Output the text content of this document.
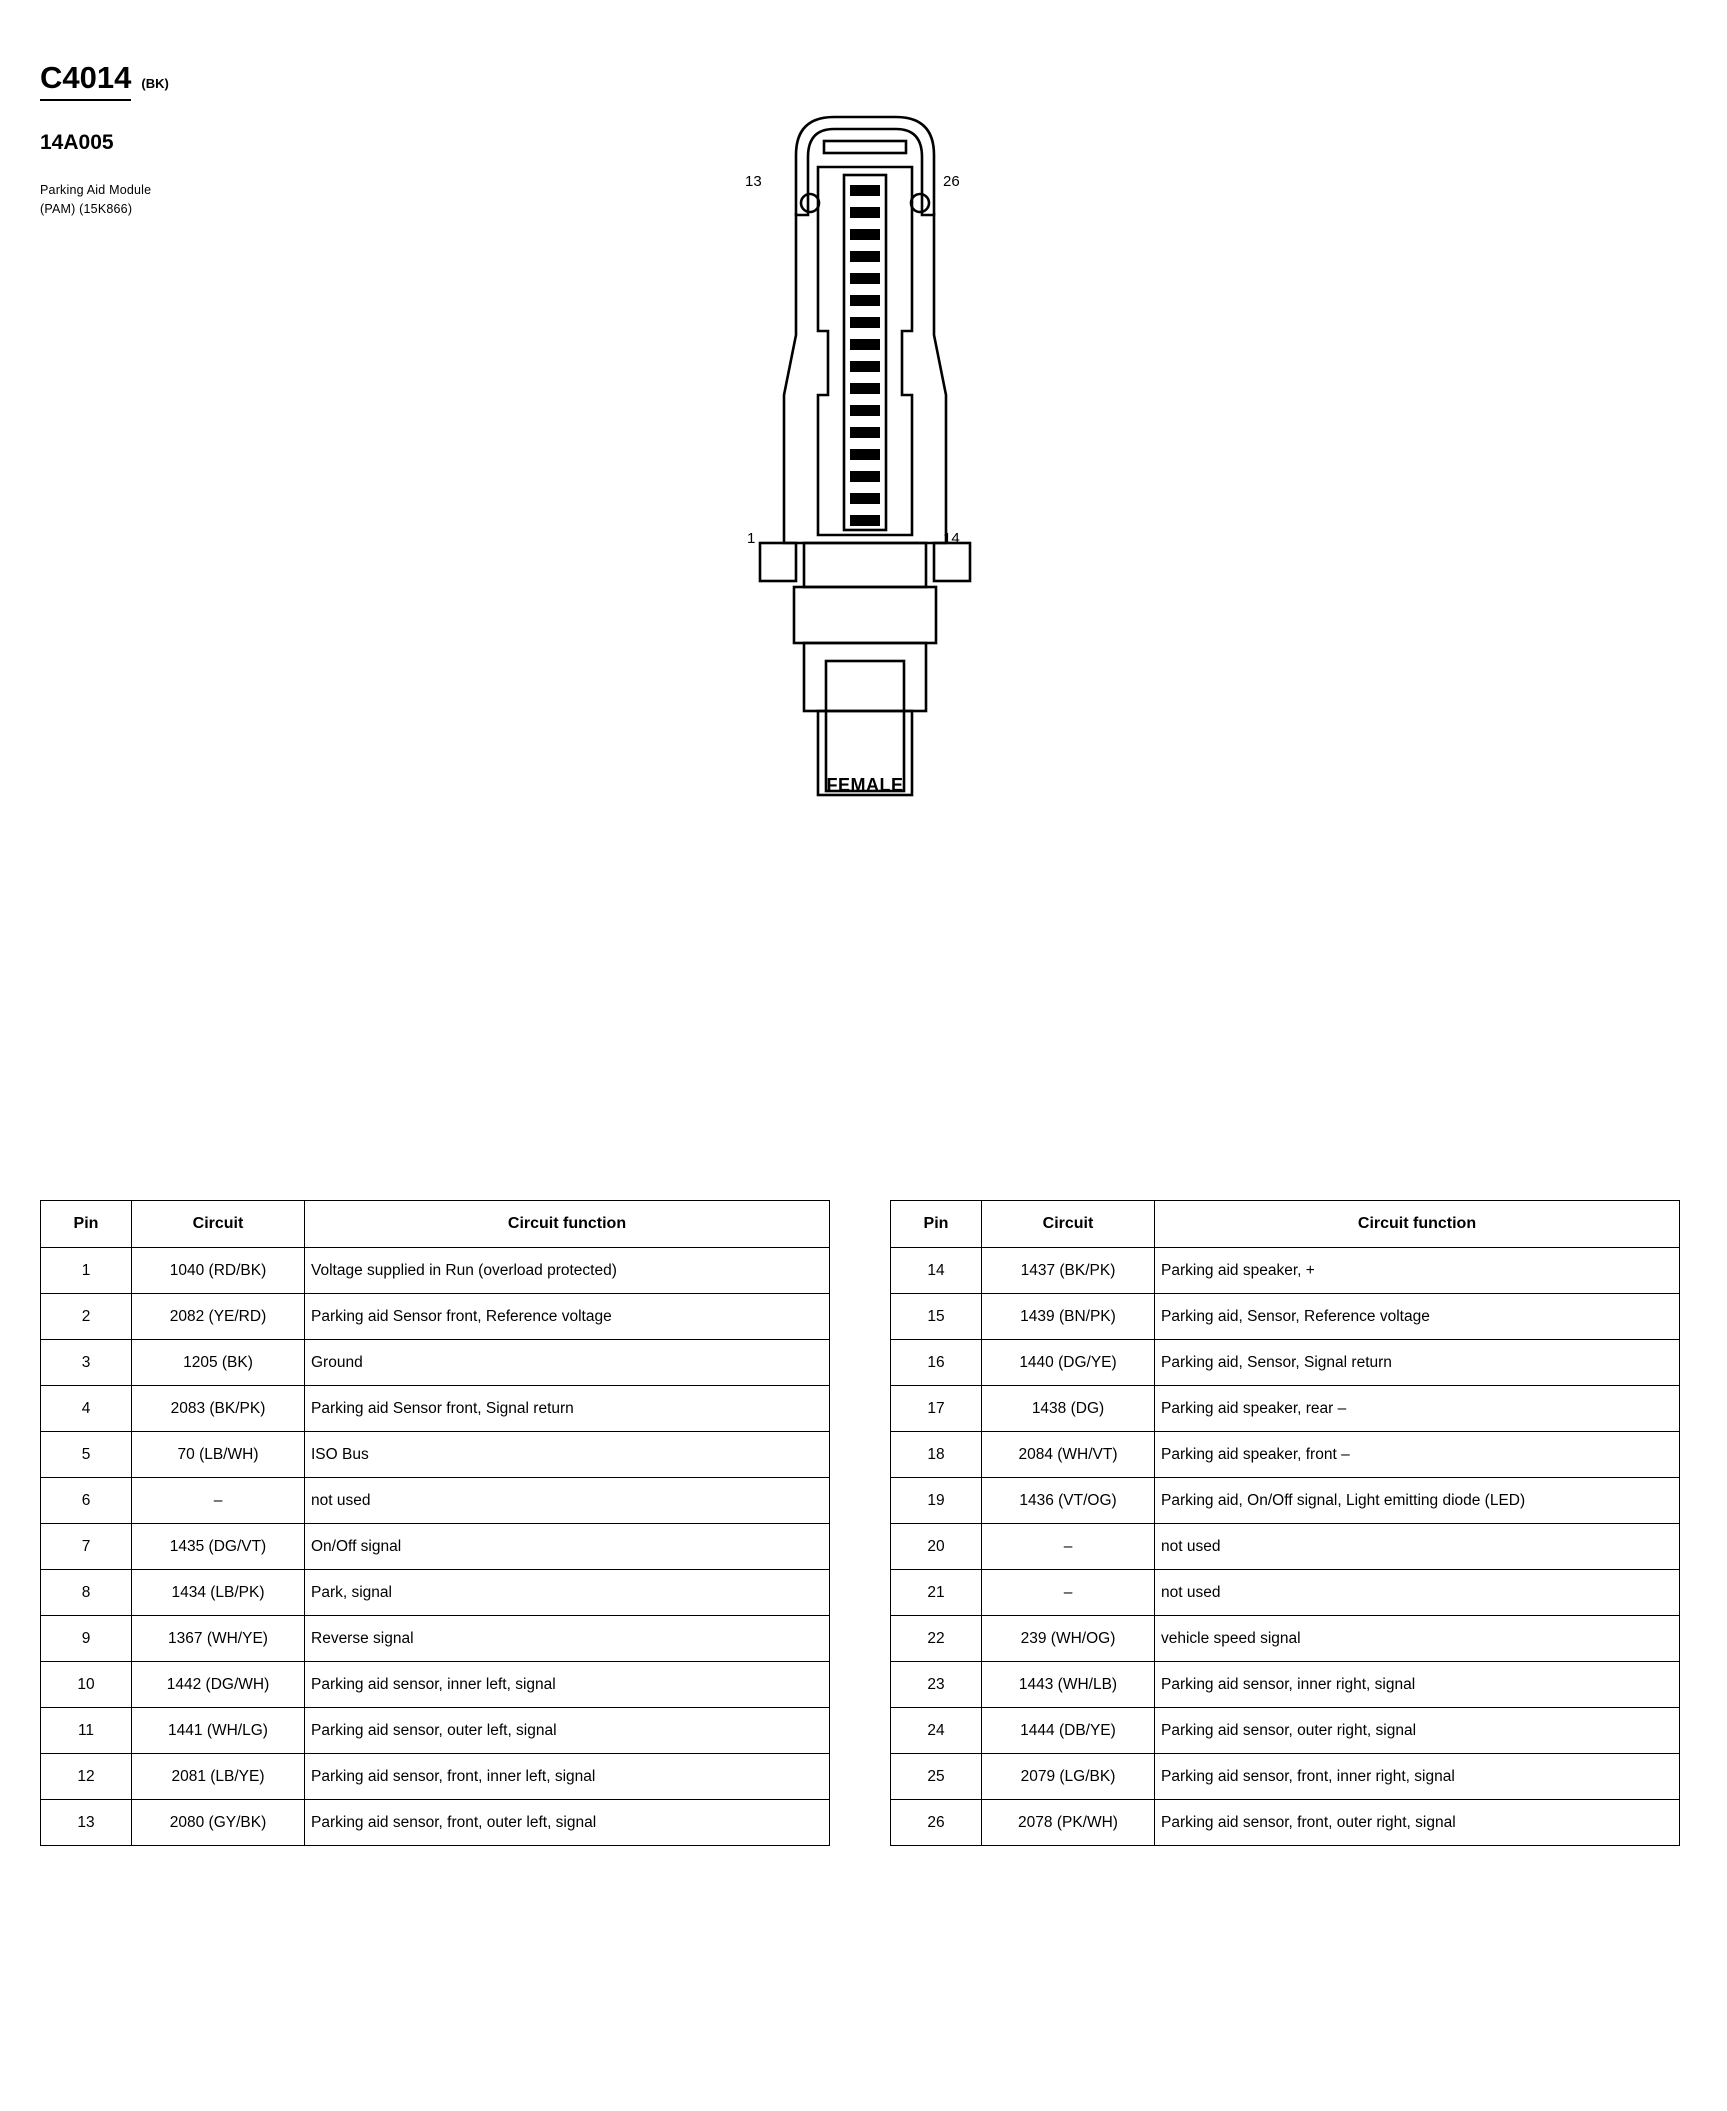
C4014 (BK)
14A005
Parking Aid Module
(PAM) (15K866)
13	26
1	14
FEMALE
Pin	Circuit	Circuit function
1	1040 (RD/BK)	Voltage supplied in Run (overload protected)
2	2082 (YE/RD)	Parking aid Sensor front, Reference voltage
3	1205 (BK)	Ground
4	2083 (BK/PK)	Parking aid Sensor front, Signal return
5	70 (LB/WH)	ISO Bus
6	–	not used
7	1435 (DG/VT)	On/Off signal
8	1434 (LB/PK)	Park, signal
9	1367 (WH/YE)	Reverse signal
10	1442 (DG/WH)	Parking aid sensor, inner left, signal
11	1441 (WH/LG)	Parking aid sensor, outer left, signal
12	2081 (LB/YE)	Parking aid sensor, front, inner left, signal
13	2080 (GY/BK)	Parking aid sensor, front, outer left, signal
Pin	Circuit	Circuit function
14	1437 (BK/PK)	Parking aid speaker, +
15	1439 (BN/PK)	Parking aid, Sensor, Reference voltage
16	1440 (DG/YE)	Parking aid, Sensor, Signal return
17	1438 (DG)	Parking aid speaker, rear –
18	2084 (WH/VT)	Parking aid speaker, front –
19	1436 (VT/OG)	Parking aid, On/Off signal, Light emitting diode (LED)
20	–	not used
21	–	not used
22	239 (WH/OG)	vehicle speed signal
23	1443 (WH/LB)	Parking aid sensor, inner right, signal
24	1444 (DB/YE)	Parking aid sensor, outer right, signal
25	2079 (LG/BK)	Parking aid sensor, front, inner right, signal
26	2078 (PK/WH)	Parking aid sensor, front, outer right, signal
